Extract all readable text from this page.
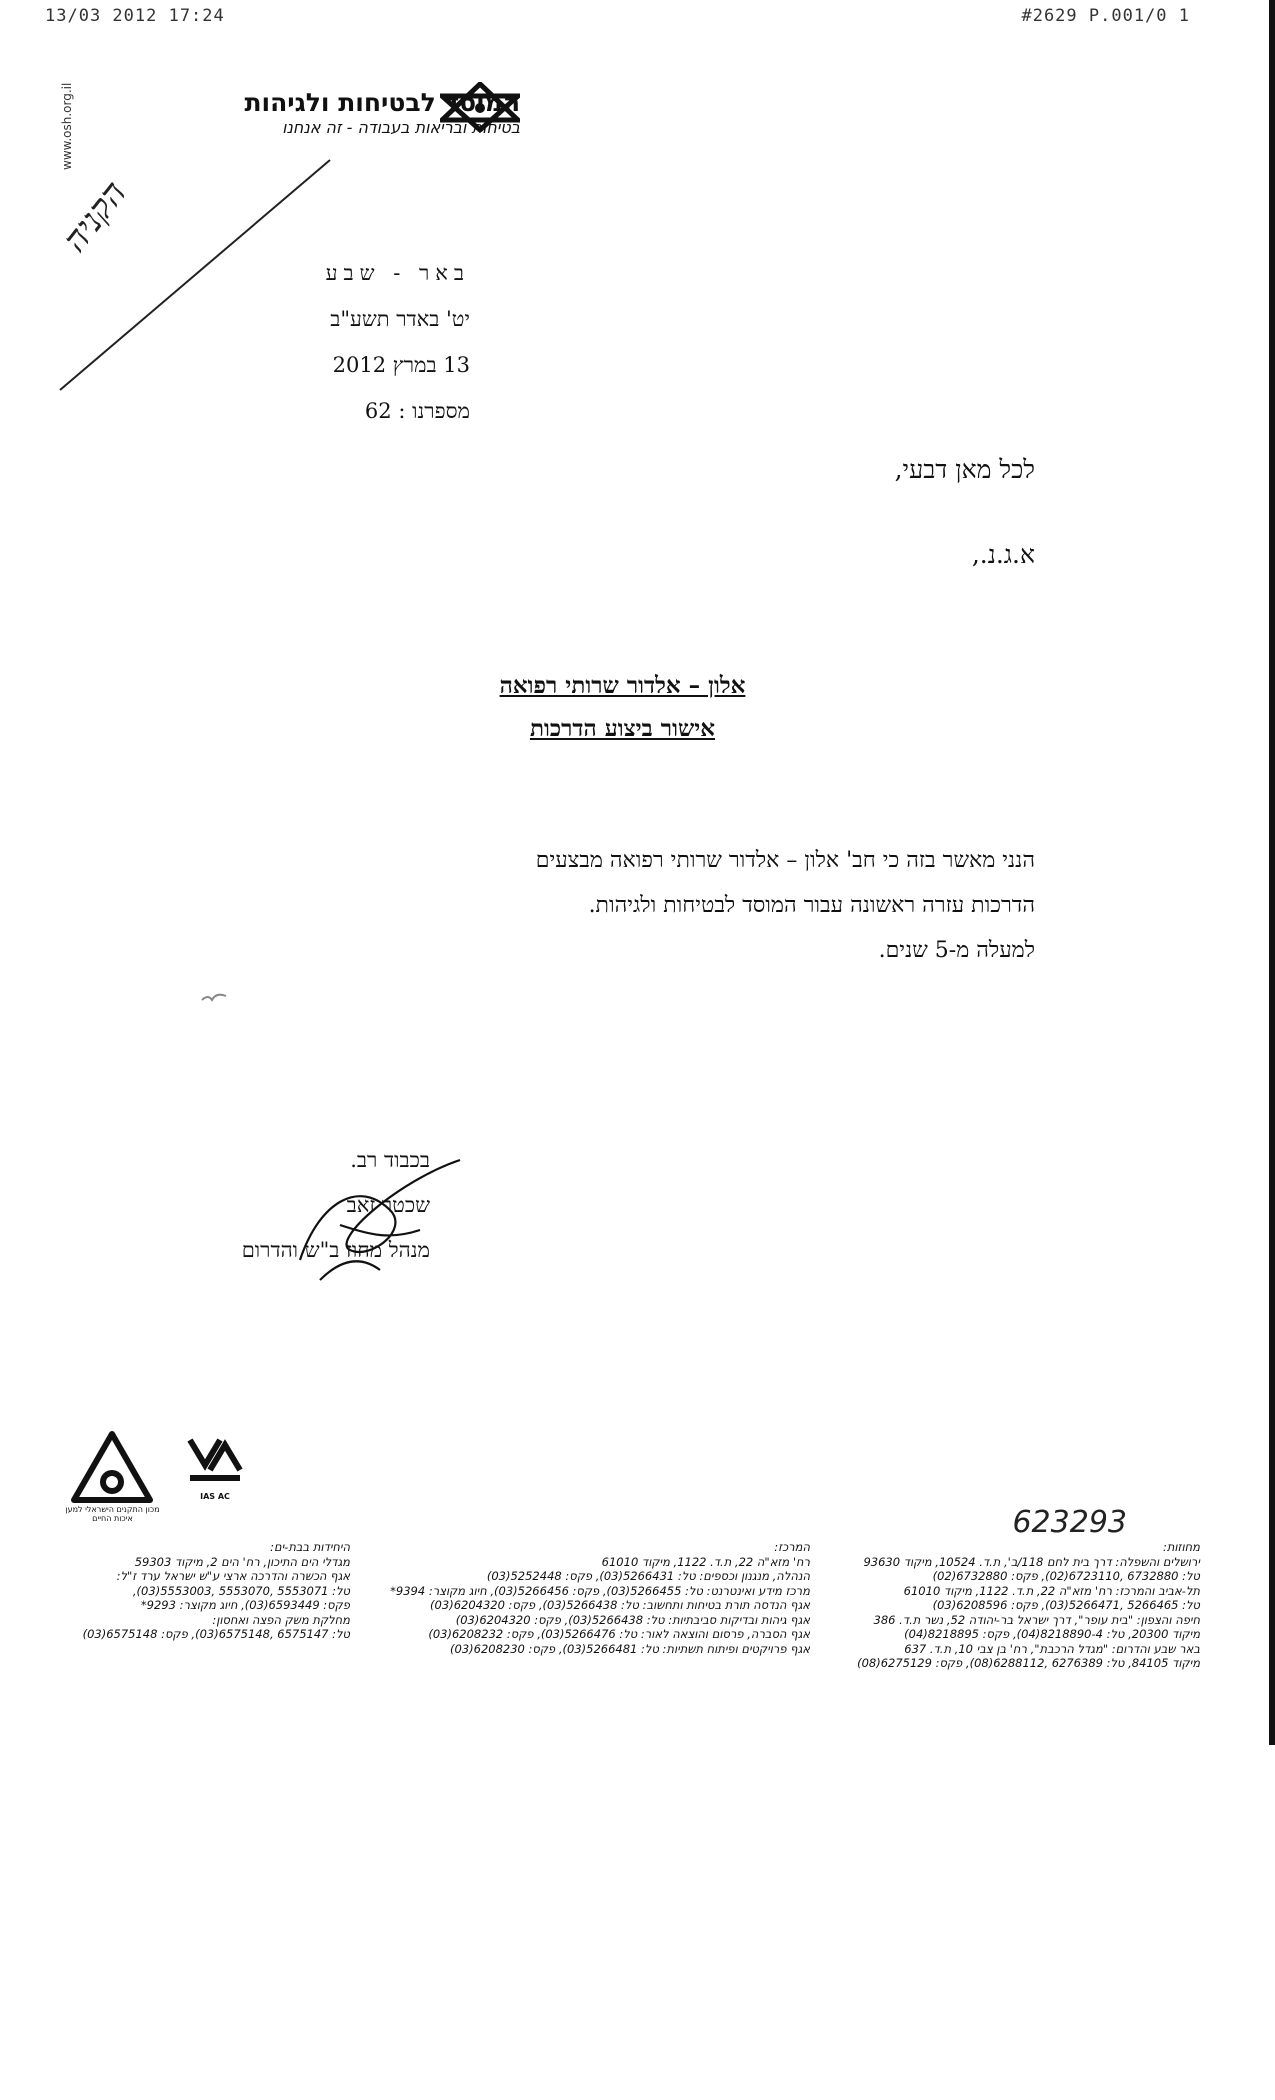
13/03 2012 17:24	#2629 P.001/0 1
www.osh.org.il	המוסד לבטיחות ולגיהות
בטיחות ובריאות בעבודה - זה אנחנו
הקניה
באר - שבע
יט' באדר תשע"ב
13 במרץ 2012
מספרנו : 62
לכל מאן דבעי,
א.ג.נ.,
אלון – אלדור שרותי רפואה
אישור ביצוע הדרכות

הנני מאשר בזה כי חב' אלון – אלדור שרותי רפואה מבצעים

הדרכות עזרה ראשונה עבור המוסד לבטיחות ולגיהות.

למעלה מ-5 שנים.

בכבוד רב.
שכטר זאב
מנהל מחוז ב"ש והדרום
מכון התקנים הישראלי למען איכות החיים
IAS AC
623293
מחוזות:
ירושלים והשפלה: דרך בית לחם 118/ב', ת.ד. 10524, מיקוד 93630
טל: 6732880 ,6723110(02), פקס: 6732880(02)
תל-אביב והמרכז: רח' מזא"ה 22, ת.ד. 1122, מיקוד 61010
טל: 5266465 ,5266471(03), פקס: 6208596(03)
חיפה והצפון: "בית עופר", דרך ישראל בר-יהודה 52, נשר ת.ד. 386
מיקוד 20300, טל: 8218890-4(04), פקס: 8218895(04)
באר שבע והדרום: "מגדל הרכבת", רח' בן צבי 10, ת.ד. 637
מיקוד 84105, טל: 6276389 ,6288112(08), פקס: 6275129(08)
המרכז:
רח' מזא"ה 22, ת.ד. 1122, מיקוד 61010
הנהלה, מנגנון וכספים: טל: 5266431(03), פקס: 5252448(03)
מרכז מידע ואינטרנט: טל: 5266455(03), פקס: 5266456(03), חיוג מקוצר: 9394*
אגף הנדסה תורת בטיחות ותחשוב: טל: 5266438(03), פקס: 6204320(03)
אגף גיהות ובדיקות סביבתיות: טל: 5266438(03), פקס: 6204320(03)
אגף הסברה, פרסום והוצאה לאור: טל: 5266476(03), פקס: 6208232(03)
אגף פרויקטים ופיתוח תשתיות: טל: 5266481(03), פקס: 6208230(03)
היחידות בבת-ים:
מגדלי הים התיכון, רח' הים 2, מיקוד 59303
אגף הכשרה והדרכה ארצי ע"ש ישראל ערד ז"ל:
טל: 5553071 ,5553070 ,5553003(03),
פקס: 6593449(03), חיוג מקוצר: 9293*
מחלקת משק הפצה ואחסון:
טל: 6575147 ,6575148(03), פקס: 6575148(03)
